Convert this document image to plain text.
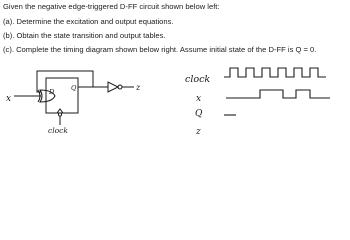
Given the negative edge-triggered D-FF circuit shown below left:

(a). Determine the excitation and output equations.

(b). Obtain the state transition and output tables.

(c). Complete the timing diagram shown below right. Assume initial state of the D-FF is Q = 0.

x
D	Q	z
clock
clock
x
Q
z
